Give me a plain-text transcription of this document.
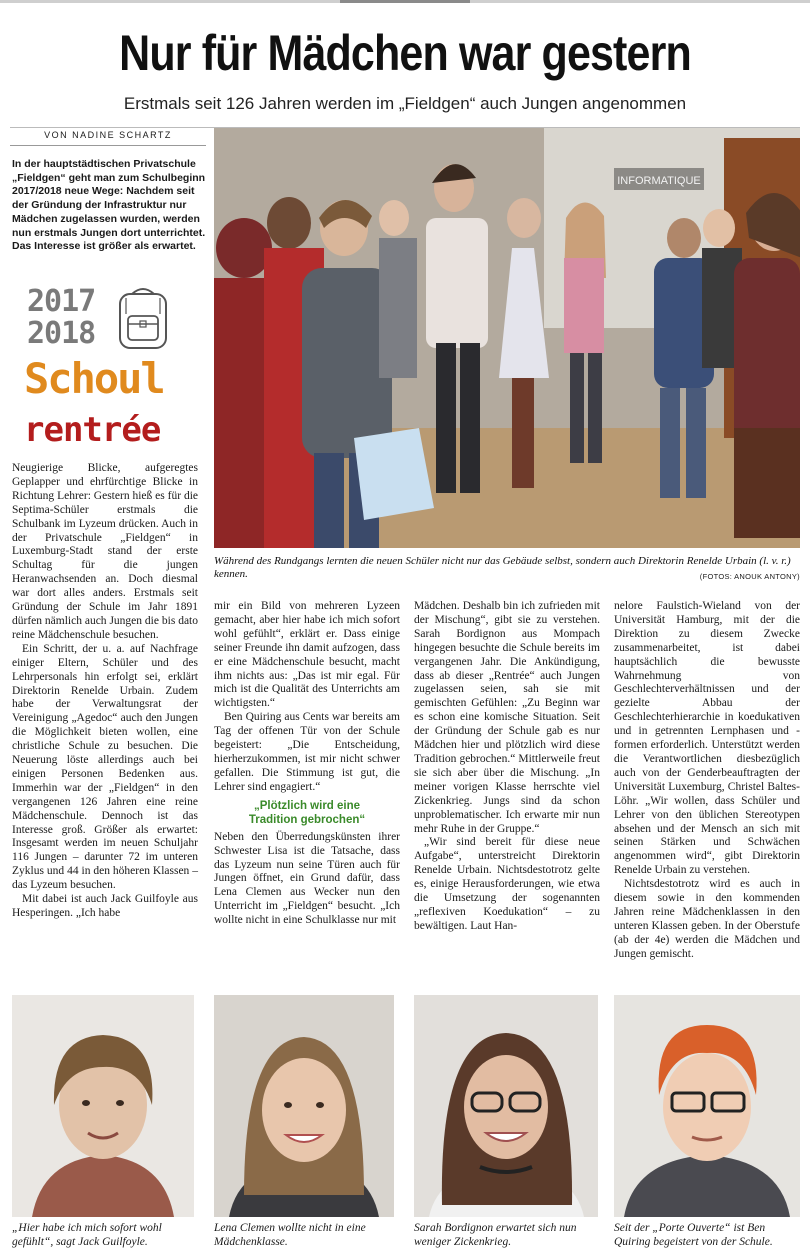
Nur für Mädchen war gestern
Erstmals seit 126 Jahren werden im „Fieldgen“ auch Jungen angenommen
VON NADINE SCHARTZ
In der hauptstädtischen Privatschule „Fieldgen“ geht man zum Schulbeginn 2017/2018 neue Wege: Nachdem seit der Gründung der Infrastruktur nur Mädchen zugelassen wurden, werden nun erstmals Jungen dort unterrichtet. Das Interesse ist größer als erwartet.
2017
2018
Schoul
rentrée
INFORMATIQUE
Während des Rundgangs lernten die neuen Schüler nicht nur das Gebäude selbst, sondern auch Direktorin Renelde Urbain (l. v. r.) kennen.	(FOTOS: ANOUK ANTONY)

Neugierige Blicke, aufgeregtes Geplapper und ehrfürchtige Blicke in Richtung Lehrer: Gestern hieß es für die Septima-Schüler erstmals die Schulbank im Lyzeum drücken. Auch in der Privatschule „Fieldgen“ in Luxemburg-Stadt stand der erste Schultag für die jungen Heranwachsenden an. Doch diesmal war dort alles anders. Erstmals seit Gründung der Schule im Jahr 1891 dürfen nämlich auch Jungen die bis dato reine Mädchenschule besuchen.

Ein Schritt, der u. a. auf Nachfrage einiger Eltern, Schüler und des Lehrpersonals hin erfolgt sei, erklärt Direktorin Renelde Urbain. Zudem habe der Verwaltungsrat der Vereinigung „Agedoc“ auch den Jungen die Möglichkeit bieten wollen, eine christliche Schule zu besuchen. Die Neuerung löste allerdings auch bei einigen Personen Bedenken aus. Immerhin war der „Fieldgen“ in den vergangenen 126 Jahren eine reine Mädchenschule. Dennoch ist das Interesse groß. Größer als erwartet: Insgesamt werden im neuen Schuljahr 116 Jungen – darunter 72 im unteren Zyklus und 44 in den höheren Klassen – das Lyzeum besuchen.

Mit dabei ist auch Jack Guilfoyle aus Hesperingen. „Ich habe

mir ein Bild von mehreren Lyzeen gemacht, aber hier habe ich mich sofort wohl gefühlt“, erklärt er. Dass einige seiner Freunde ihn damit aufzogen, dass er eine Mädchenschule besucht, macht ihm nichts aus: „Das ist mir egal. Für mich ist die Qualität des Unterrichts am wichtigsten.“

Ben Quiring aus Cents war bereits am Tag der offenen Tür von der Schule begeistert: „Die Entscheidung, hierherzukommen, ist mir nicht schwer gefallen. Die Stimmung ist gut, die Lehrer sind engagiert.“

„Plötzlich wird eine
Tradition gebrochen“

Neben den Überredungskünsten ihrer Schwester Lisa ist die Tatsache, dass das Lyzeum nun seine Türen auch für Jungen öffnet, ein Grund dafür, dass Lena Clemen aus Wecker nun den Unterricht im „Fieldgen“ besucht. „Ich wollte nicht in eine Schulklasse nur mit

Mädchen. Deshalb bin ich zufrieden mit der Mischung“, gibt sie zu verstehen. Sarah Bordignon aus Mompach hingegen besuchte die Schule bereits im vergangenen Jahr. Die Ankündigung, dass ab dieser „Rentrée“ auch Jungen zugelassen seien, sah sie mit gemischten Gefühlen: „Zu Beginn war es schon eine komische Situation. Seit der Gründung der Schule gab es nur Mädchen hier und plötzlich wird diese Tradition gebrochen.“ Mittlerweile freut sie sich aber über die Mischung. „In meiner vorigen Klasse herrschte viel Zickenkrieg. Jungs sind da schon unproblematischer. Ich erwarte mir nun mehr Ruhe in der Gruppe.“

„Wir sind bereit für diese neue Aufgabe“, unterstreicht Direktorin Renelde Urbain. Nichtsdestotrotz gelte es, einige Herausforderungen, wie etwa die Umsetzung der sogenannten „reflexiven Koedukation“ – zu bewältigen. Laut Han-

nelore Faulstich-Wieland von der Universität Hamburg, mit der die Direktion zu diesem Zwecke zusammenarbeitet, ist dabei hauptsächlich die bewusste Wahrnehmung von Geschlechterverhältnissen und der gezielte Abbau der Geschlechterhierarchie in koedukativen und in getrennten Lernphasen und -formen erforderlich. Unterstützt werden die Verantwortlichen diesbezüglich auch von der Genderbeauftragten der Universität Luxemburg, Christel Baltes-Löhr. „Wir wollen, dass Schüler und Lehrer von den üblichen Stereotypen absehen und der Mensch an sich mit seinen Stärken und Schwächen angenommen wird“, gibt Direktorin Renelde Urbain zu verstehen.

Nichtsdestotrotz wird es auch in diesem sowie in den kommenden Jahren reine Mädchenklassen in den unteren Klassen geben. In der Oberstufe (ab der 4e) werden die Mädchen und Jungen gemischt.

„Hier habe ich mich sofort wohl gefühlt“, sagt Jack Guilfoyle.
Lena Clemen wollte nicht in eine Mädchenklasse.
Sarah Bordignon erwartet sich nun weniger Zickenkrieg.
Seit der „Porte Ouverte“ ist Ben Quiring begeistert von der Schule.
